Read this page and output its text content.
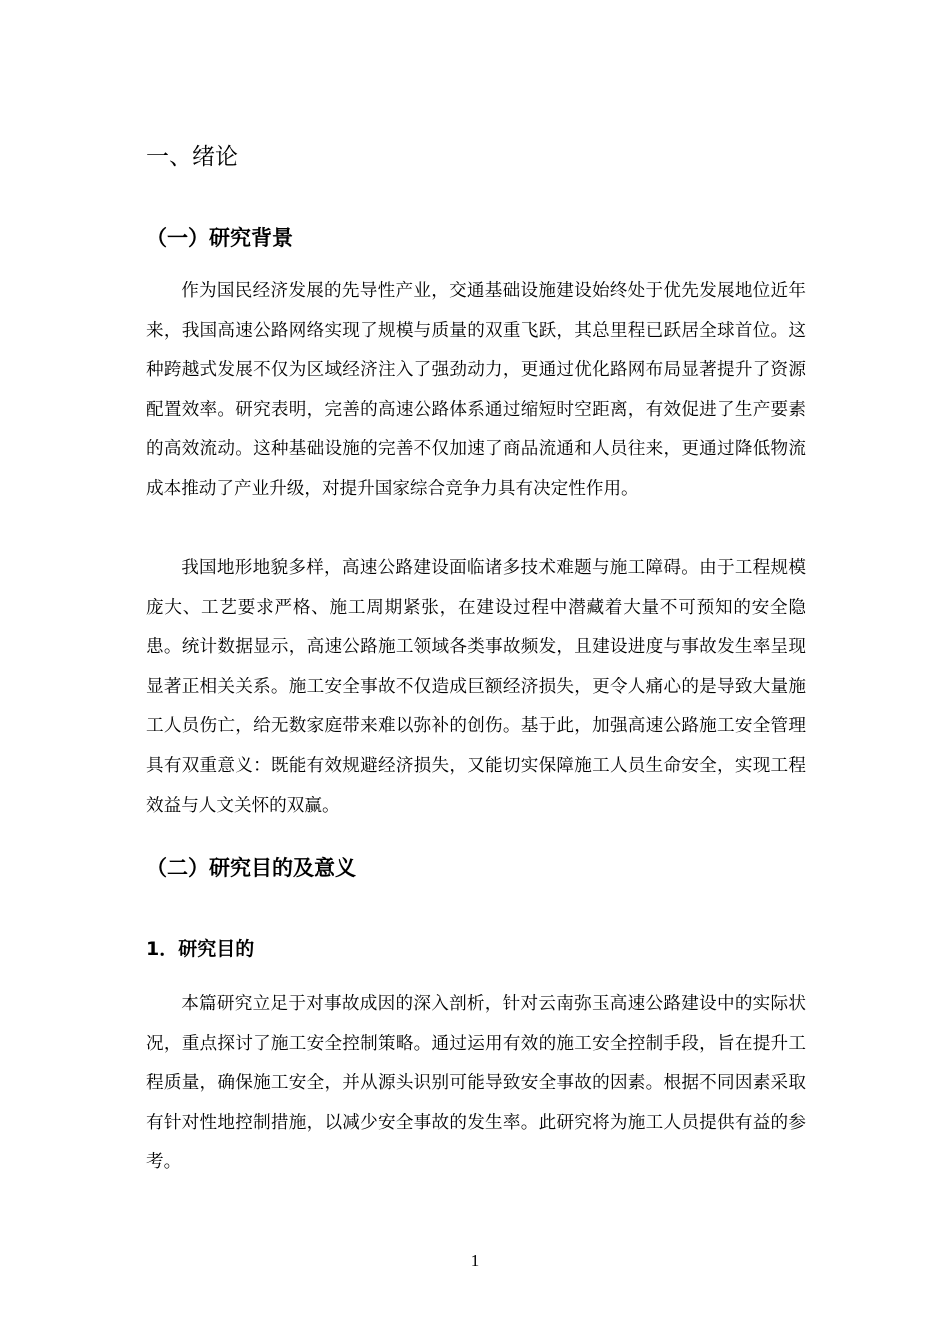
一、绪论
（一）研究背景

作为国民经济发展的先导性产业，交通基础设施建设始终处于优先发展地位近年来，我国高速公路网络实现了规模与质量的双重飞跃，其总里程已跃居全球首位。这种跨越式发展不仅为区域经济注入了强劲动力，更通过优化路网布局显著提升了资源配置效率。研究表明，完善的高速公路体系通过缩短时空距离，有效促进了生产要素的高效流动。这种基础设施的完善不仅加速了商品流通和人员往来，更通过降低物流成本推动了产业升级，对提升国家综合竞争力具有决定性作用。

我国地形地貌多样，高速公路建设面临诸多技术难题与施工障碍。由于工程规模庞大、工艺要求严格、施工周期紧张，在建设过程中潜藏着大量不可预知的安全隐患。统计数据显示，高速公路施工领域各类事故频发，且建设进度与事故发生率呈现显著正相关关系。施工安全事故不仅造成巨额经济损失，更令人痛心的是导致大量施工人员伤亡，给无数家庭带来难以弥补的创伤。基于此，加强高速公路施工安全管理具有双重意义：既能有效规避经济损失，又能切实保障施工人员生命安全，实现工程效益与人文关怀的双赢。

（二）研究目的及意义
1．研究目的

本篇研究立足于对事故成因的深入剖析，针对云南弥玉高速公路建设中的实际状况，重点探讨了施工安全控制策略。通过运用有效的施工安全控制手段，旨在提升工程质量，确保施工安全，并从源头识别可能导致安全事故的因素。根据不同因素采取有针对性地控制措施，以减少安全事故的发生率。此研究将为施工人员提供有益的参考。

1
